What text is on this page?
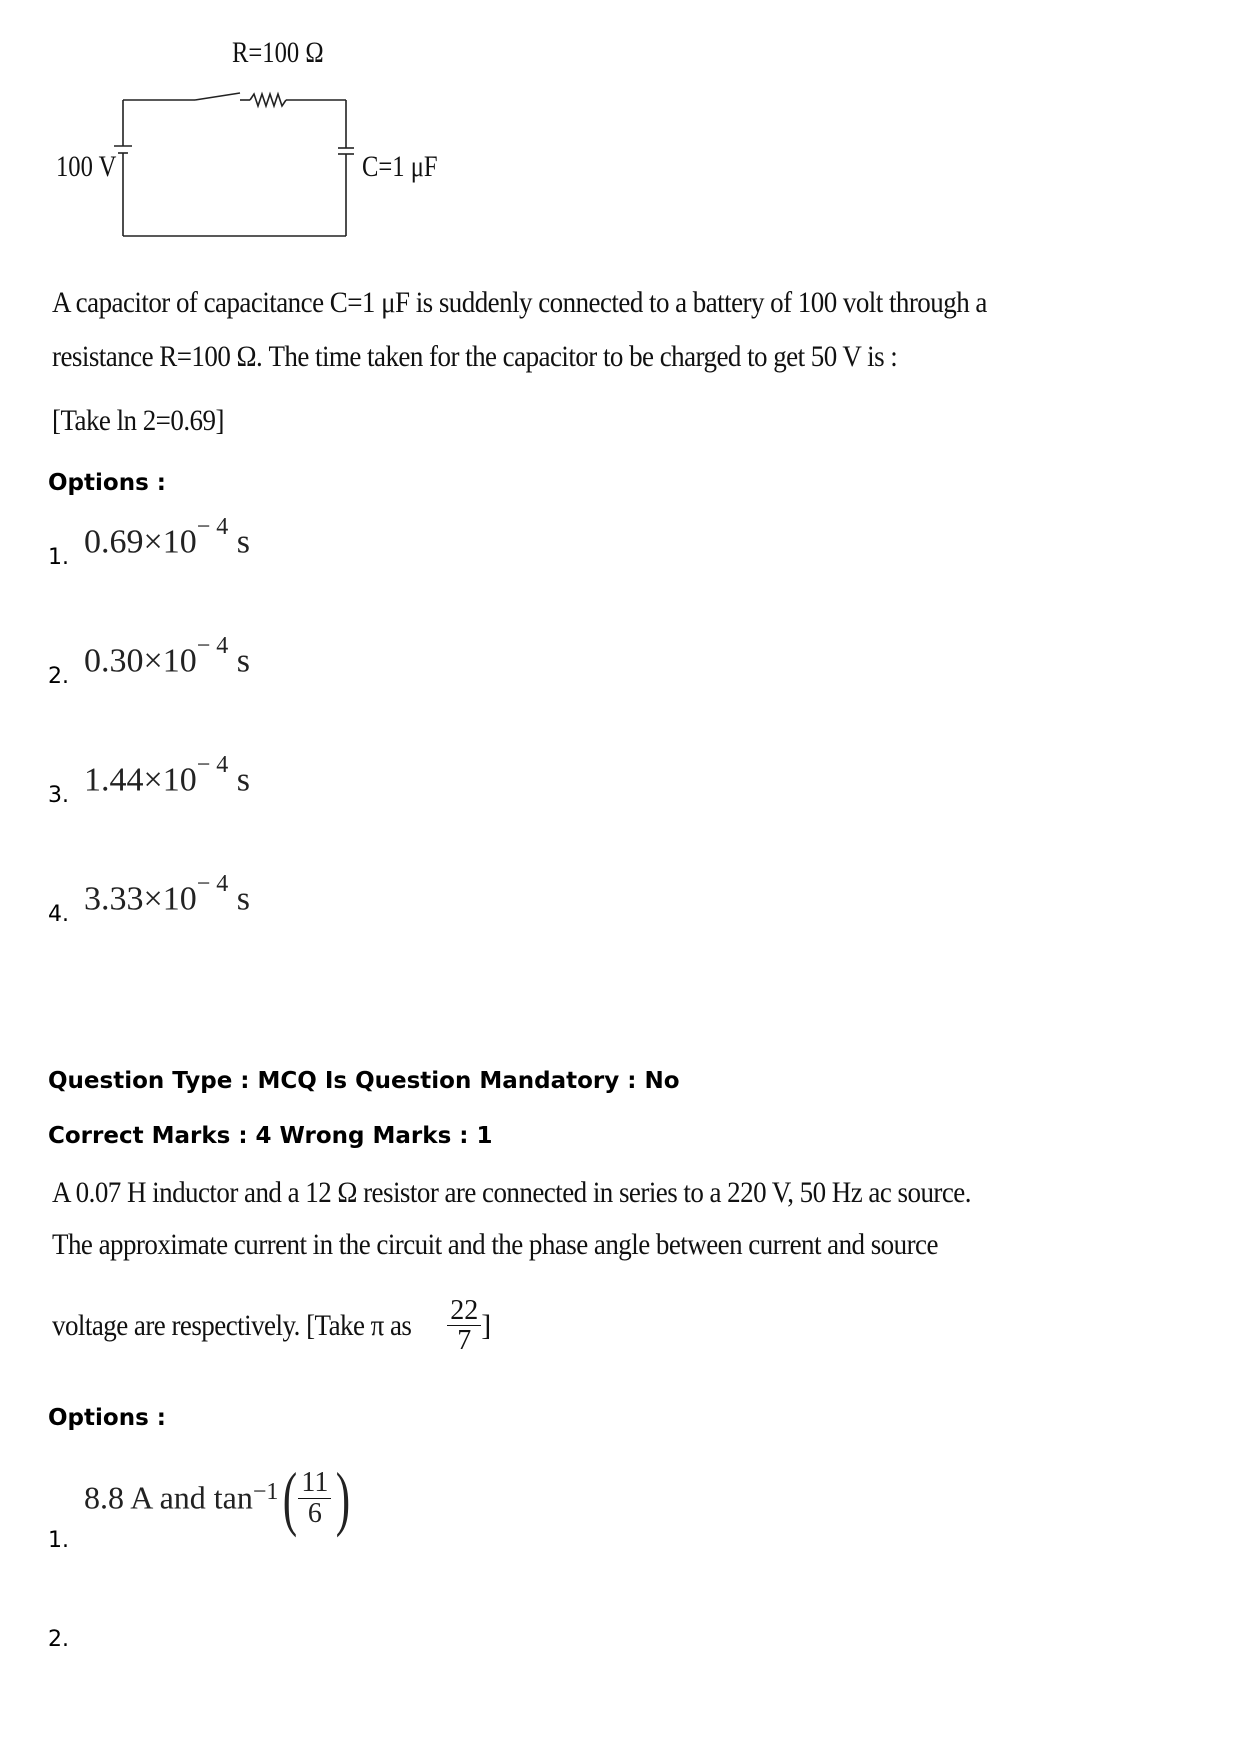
R=100 Ω
100 V	C=1 μF
A capacitor of capacitance C=1 μF is suddenly connected to a battery of 100 volt through a
resistance R=100 Ω. The time taken for the capacitor to be charged to get 50 V is :
[Take ln 2=0.69]
Options :
1. $0.69\times 10^{- 4}$ s
2. $0.30\times 10^{- 4}$ s
3. $1.44\times 10^{- 4}$ s
4. $3.33\times 10^{- 4}$ s
Question Type : MCQ Is Question Mandatory : No
Correct Marks : 4 Wrong Marks : 1
A 0.07 H inductor and a 12 Ω resistor are connected in series to a 220 V, 50 Hz ac source.
The approximate current in the circuit and the phase angle between current and source
voltage are respectively. [Take π as $\frac{22}{7}$ ]
Options :
8.8 A and $\tan^{-1}( \frac{11}{6}$ )
1.
2.
